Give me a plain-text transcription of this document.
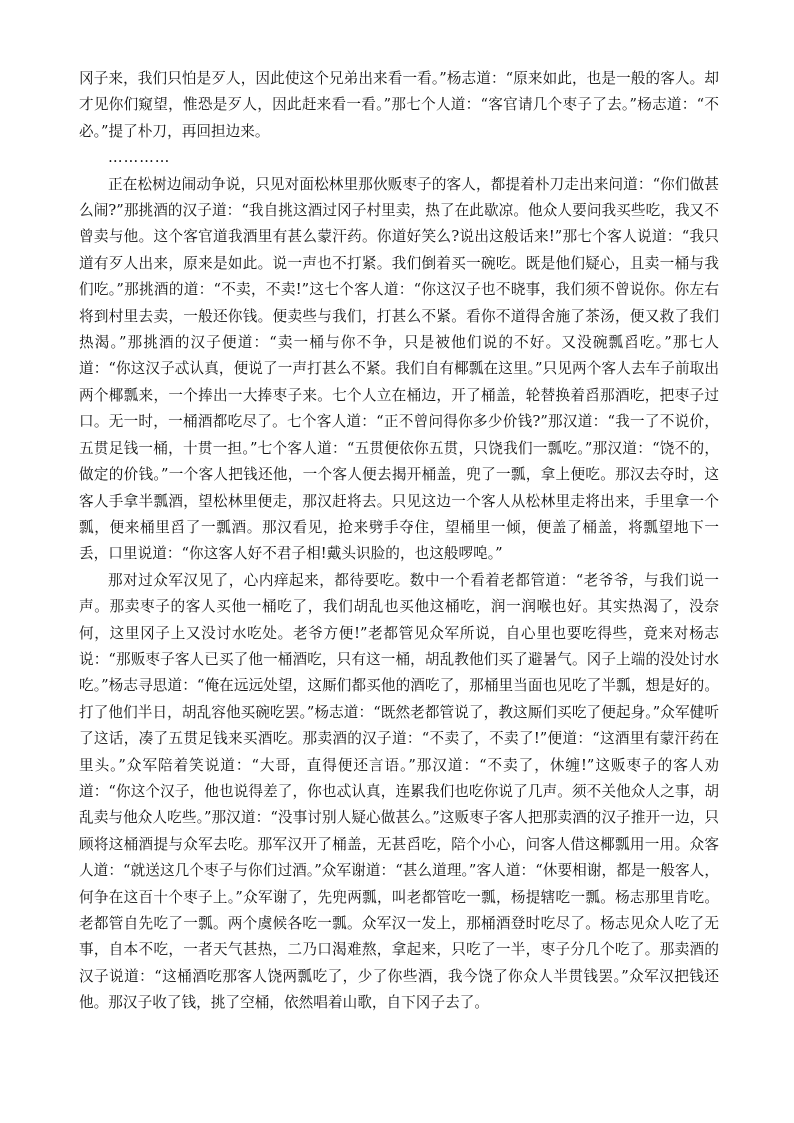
冈子来，我们只怕是歹人，因此使这个兄弟出来看一看。”杨志道：“原来如此，也是一般的客人。却才见你们窥望，惟恐是歹人，因此赶来看一看。”那七个人道：“客官请几个枣子了去。”杨志道：“不必。”提了朴刀，再回担边来。

…………

正在松树边闹动争说，只见对面松林里那伙贩枣子的客人，都提着朴刀走出来问道：“你们做甚么闹?”那挑酒的汉子道：“我自挑这酒过冈子村里卖，热了在此歇凉。他众人要问我买些吃，我又不曾卖与他。这个客官道我酒里有甚么蒙汗药。你道好笑么?说出这般话来!”那七个客人说道：“我只道有歹人出来，原来是如此。说一声也不打紧。我们倒着买一碗吃。既是他们疑心，且卖一桶与我们吃。”那挑酒的道：“不卖，不卖!”这七个客人道：“你这汉子也不晓事，我们须不曾说你。你左右将到村里去卖，一般还你钱。便卖些与我们，打甚么不紧。看你不道得舍施了茶汤，便又救了我们热渴。”那挑酒的汉子便道：“卖一桶与你不争，只是被他们说的不好。又没碗瓢舀吃。”那七人道：“你这汉子忒认真，便说了一声打甚么不紧。我们自有椰瓢在这里。”只见两个客人去车子前取出两个椰瓢来，一个捧出一大捧枣子来。七个人立在桶边，开了桶盖，轮替换着舀那酒吃，把枣子过口。无一时，一桶酒都吃尽了。七个客人道：“正不曾问得你多少价钱?”那汉道：“我一了不说价，五贯足钱一桶，十贯一担。”七个客人道：“五贯便依你五贯，只饶我们一瓢吃。”那汉道：“饶不的，做定的价钱。”一个客人把钱还他，一个客人便去揭开桶盖，兜了一瓢，拿上便吃。那汉去夺时，这客人手拿半瓢酒，望松林里便走，那汉赶将去。只见这边一个客人从松林里走将出来，手里拿一个瓢，便来桶里舀了一瓢酒。那汉看见，抢来劈手夺住，望桶里一倾，便盖了桶盖，将瓢望地下一丢，口里说道：“你这客人好不君子相!戴头识脸的，也这般啰唣。”

那对过众军汉见了，心内痒起来，都待要吃。数中一个看着老都管道：“老爷爷，与我们说一声。那卖枣子的客人买他一桶吃了，我们胡乱也买他这桶吃，润一润喉也好。其实热渴了，没奈何，这里冈子上又没讨水吃处。老爷方便!”老都管见众军所说，自心里也要吃得些，竟来对杨志说：“那贩枣子客人已买了他一桶酒吃，只有这一桶，胡乱教他们买了避暑气。冈子上端的没处讨水吃。”杨志寻思道：“俺在远远处望，这厮们都买他的酒吃了，那桶里当面也见吃了半瓢，想是好的。打了他们半日，胡乱容他买碗吃罢。”杨志道：“既然老都管说了，教这厮们买吃了便起身。”众军健听了这话，凑了五贯足钱来买酒吃。那卖酒的汉子道：“不卖了，不卖了!”便道：“这酒里有蒙汗药在里头。”众军陪着笑说道：“大哥，直得便还言语。”那汉道：“不卖了，休缠!”这贩枣子的客人劝道：“你这个汉子，他也说得差了，你也忒认真，连累我们也吃你说了几声。须不关他众人之事，胡乱卖与他众人吃些。”那汉道：“没事讨别人疑心做甚么。”这贩枣子客人把那卖酒的汉子推开一边，只顾将这桶酒提与众军去吃。那军汉开了桶盖，无甚舀吃，陪个小心，问客人借这椰瓢用一用。众客人道：“就送这几个枣子与你们过酒。”众军谢道：“甚么道理。”客人道：“休要相谢，都是一般客人，何争在这百十个枣子上。”众军谢了，先兜两瓢，叫老都管吃一瓢，杨提辖吃一瓢。杨志那里肯吃。老都管自先吃了一瓢。两个虞候各吃一瓢。众军汉一发上，那桶酒登时吃尽了。杨志见众人吃了无事，自本不吃，一者天气甚热，二乃口渴难熬，拿起来，只吃了一半，枣子分几个吃了。那卖酒的汉子说道：“这桶酒吃那客人饶两瓢吃了，少了你些酒，我今饶了你众人半贯钱罢。”众军汉把钱还他。那汉子收了钱，挑了空桶，依然唱着山歌，自下冈子去了。
